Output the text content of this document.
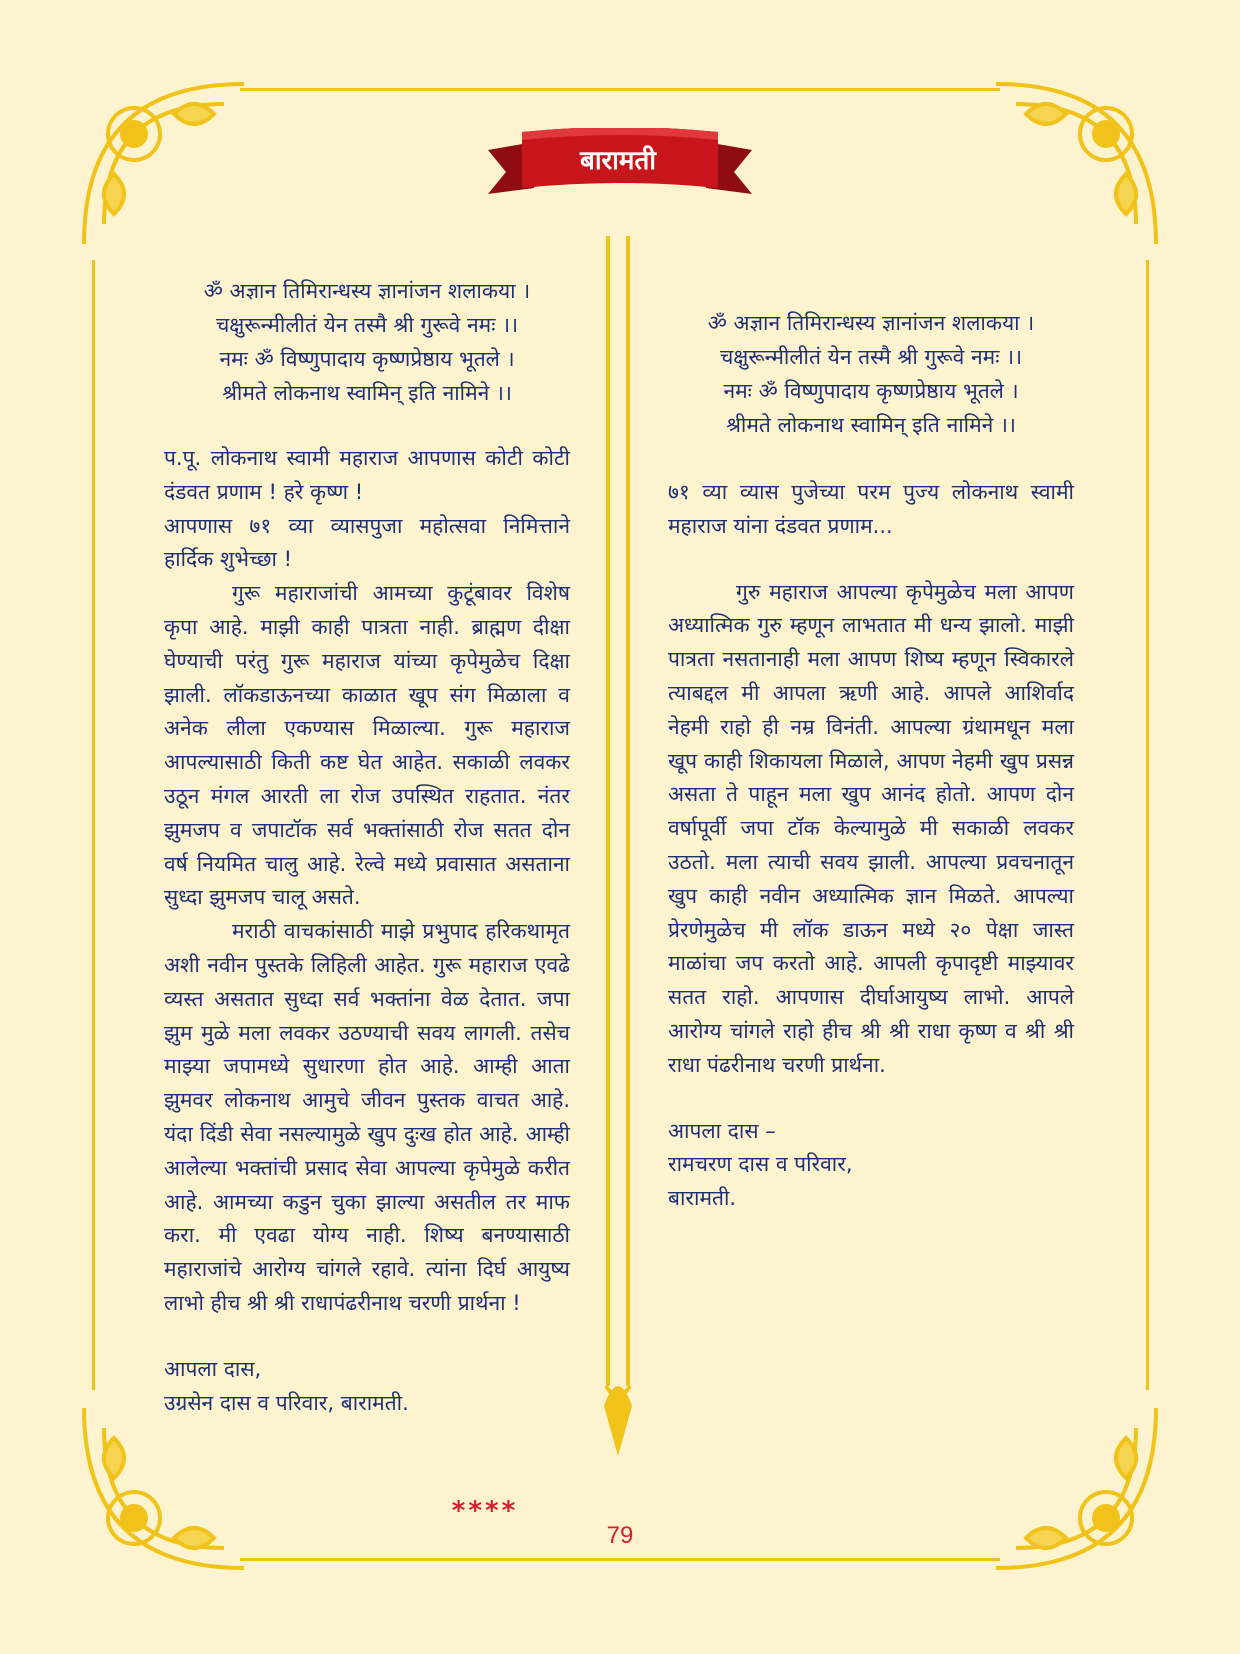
बारामती

ॐ अज्ञान तिमिरान्धस्य ज्ञानांजन शलाकया ।

चक्षुरून्मीलीतं येन तस्मै श्री गुरूवे नमः ।।

नमः ॐ विष्णुपादाय कृष्णप्रेष्ठाय भूतले ।

श्रीमते लोकनाथ स्वामिन् इति नामिने ।।

प.पू. लोकनाथ स्वामी महाराज आपणास कोटी कोटी दंडवत प्रणाम ! हरे कृष्ण !

आपणास ७१ व्या व्यासपुजा महोत्सवा निमित्ताने हार्दिक शुभेच्छा !

गुरू महाराजांची आमच्या कुटूंबावर विशेष कृपा आहे. माझी काही पात्रता नाही. ब्राह्मण दीक्षा घेण्याची परंतु गुरू महाराज यांच्या कृपेमुळेच दिक्षा झाली. लॉकडाऊनच्या काळात खूप संग मिळाला व अनेक लीला एकण्यास मिळाल्या. गुरू महाराज आपल्यासाठी किती कष्ट घेत आहेत. सकाळी लवकर उठून मंगल आरती ला रोज उपस्थित राहतात. नंतर झुमजप व जपाटॉक सर्व भक्तांसाठी रोज सतत दोन वर्ष नियमित चालु आहे. रेल्वे मध्ये प्रवासात असताना सुध्दा झुमजप चालू असते.

मराठी वाचकांसाठी माझे प्रभुपाद हरिकथामृत अशी नवीन पुस्तके लिहिली आहेत. गुरू महाराज एवढे व्यस्त असतात सुध्दा सर्व भक्तांना वेळ देतात. जपा झुम मुळे मला लवकर उठण्याची सवय लागली. तसेच माझ्या जपामध्ये सुधारणा होत आहे. आम्ही आता झुमवर लोकनाथ आमुचे जीवन पुस्तक वाचत आहे. यंदा दिंडी सेवा नसल्यामुळे खुप दुःख होत आहे. आम्ही आलेल्या भक्तांची प्रसाद सेवा आपल्या कृपेमुळे करीत आहे. आमच्या कडुन चुका झाल्या असतील तर माफ करा. मी एवढा योग्य नाही. शिष्य बनण्यासाठी महाराजांचे आरोग्य चांगले रहावे. त्यांना दिर्घ आयुष्य लाभो हीच श्री श्री राधापंढरीनाथ चरणी प्रार्थना !

आपला दास,

उग्रसेन दास व परिवार, बारामती.

ॐ अज्ञान तिमिरान्धस्य ज्ञानांजन शलाकया ।

चक्षुरून्मीलीतं येन तस्मै श्री गुरूवे नमः ।।

नमः ॐ विष्णुपादाय कृष्णप्रेष्ठाय भूतले ।

श्रीमते लोकनाथ स्वामिन् इति नामिने ।।

७१ व्या व्यास पुजेच्या परम पुज्य लोकनाथ स्वामी महाराज यांना दंडवत प्रणाम...

गुरु महाराज आपल्या कृपेमुळेच मला आपण अध्यात्मिक गुरु म्हणून लाभतात मी धन्य झालो. माझी पात्रता नसतानाही मला आपण शिष्य म्हणून स्विकारले त्याबद्दल मी आपला ऋणी आहे. आपले आशिर्वाद नेहमी राहो ही नम्र विनंती. आपल्या ग्रंथामधून मला खूप काही शिकायला मिळाले, आपण नेहमी खुप प्रसन्न असता ते पाहून मला खुप आनंद होतो. आपण दोन वर्षापूर्वी जपा टॉक केल्यामुळे मी सकाळी लवकर उठतो. मला त्याची सवय झाली. आपल्या प्रवचनातून खुप काही नवीन अध्यात्मिक ज्ञान मिळते. आपल्या प्रेरणेमुळेच मी लॉक डाऊन मध्ये २० पेक्षा जास्त माळांचा जप करतो आहे. आपली कृपादृष्टी माझ्यावर सतत राहो. आपणास दीर्घाआयुष्य लाभो. आपले आरोग्य चांगले राहो हीच श्री श्री राधा कृष्ण व श्री श्री राधा पंढरीनाथ चरणी प्रार्थना.

आपला दास –

रामचरण दास व परिवार,

बारामती.

****
79
